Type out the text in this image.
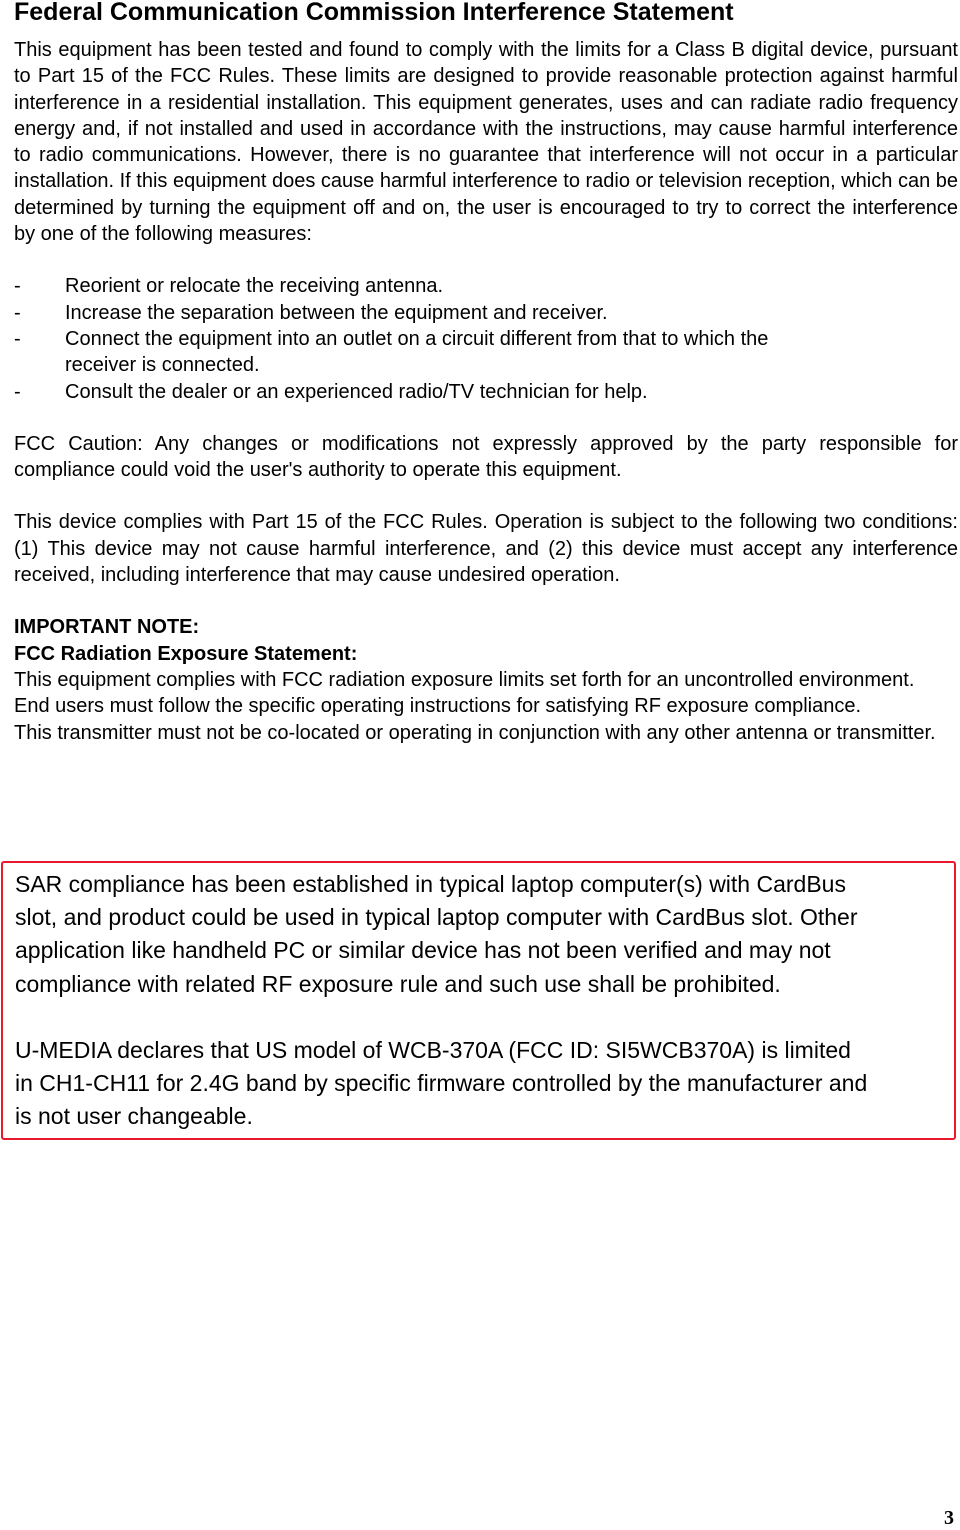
Federal Communication Commission Interference Statement

This equipment has been tested and found to comply with the limits for a Class B digital device, pursuant to Part 15 of the FCC Rules. These limits are designed to provide reasonable protection against harmful interference in a residential installation. This equipment generates, uses and can radiate radio frequency energy and, if not installed and used in accordance with the instructions, may cause harmful interference to radio communications. However, there is no guarantee that interference will not occur in a particular installation. If this equipment does cause harmful interference to radio or television reception, which can be determined by turning the equipment off and on, the user is encouraged to try to correct the interference by one of the following measures:

- Reorient or relocate the receiving antenna.
- Increase the separation between the equipment and receiver.
- Connect the equipment into an outlet on a circuit different from that to which the receiver is connected.
- Consult the dealer or an experienced radio/TV technician for help.

FCC Caution: Any changes or modifications not expressly approved by the party responsible for compliance could void the user's authority to operate this equipment.

This device complies with Part 15 of the FCC Rules. Operation is subject to the following two conditions: (1) This device may not cause harmful interference, and (2) this device must accept any interference received, including interference that may cause undesired operation.

IMPORTANT NOTE:

FCC Radiation Exposure Statement:

This equipment complies with FCC radiation exposure limits set forth for an uncontrolled environment.

End users must follow the specific operating instructions for satisfying RF exposure compliance.

This transmitter must not be co-located or operating in conjunction with any other antenna or transmitter.

SAR compliance has been established in typical laptop computer(s) with CardBus

slot, and product could be used in typical laptop computer with CardBus slot. Other

application like handheld PC or similar device has not been verified and may not

compliance with related RF exposure rule and such use shall be prohibited.

U-MEDIA declares that US model of WCB-370A (FCC ID: SI5WCB370A) is limited

in CH1-CH11 for 2.4G band by specific firmware controlled by the manufacturer and

is not user changeable.

3
